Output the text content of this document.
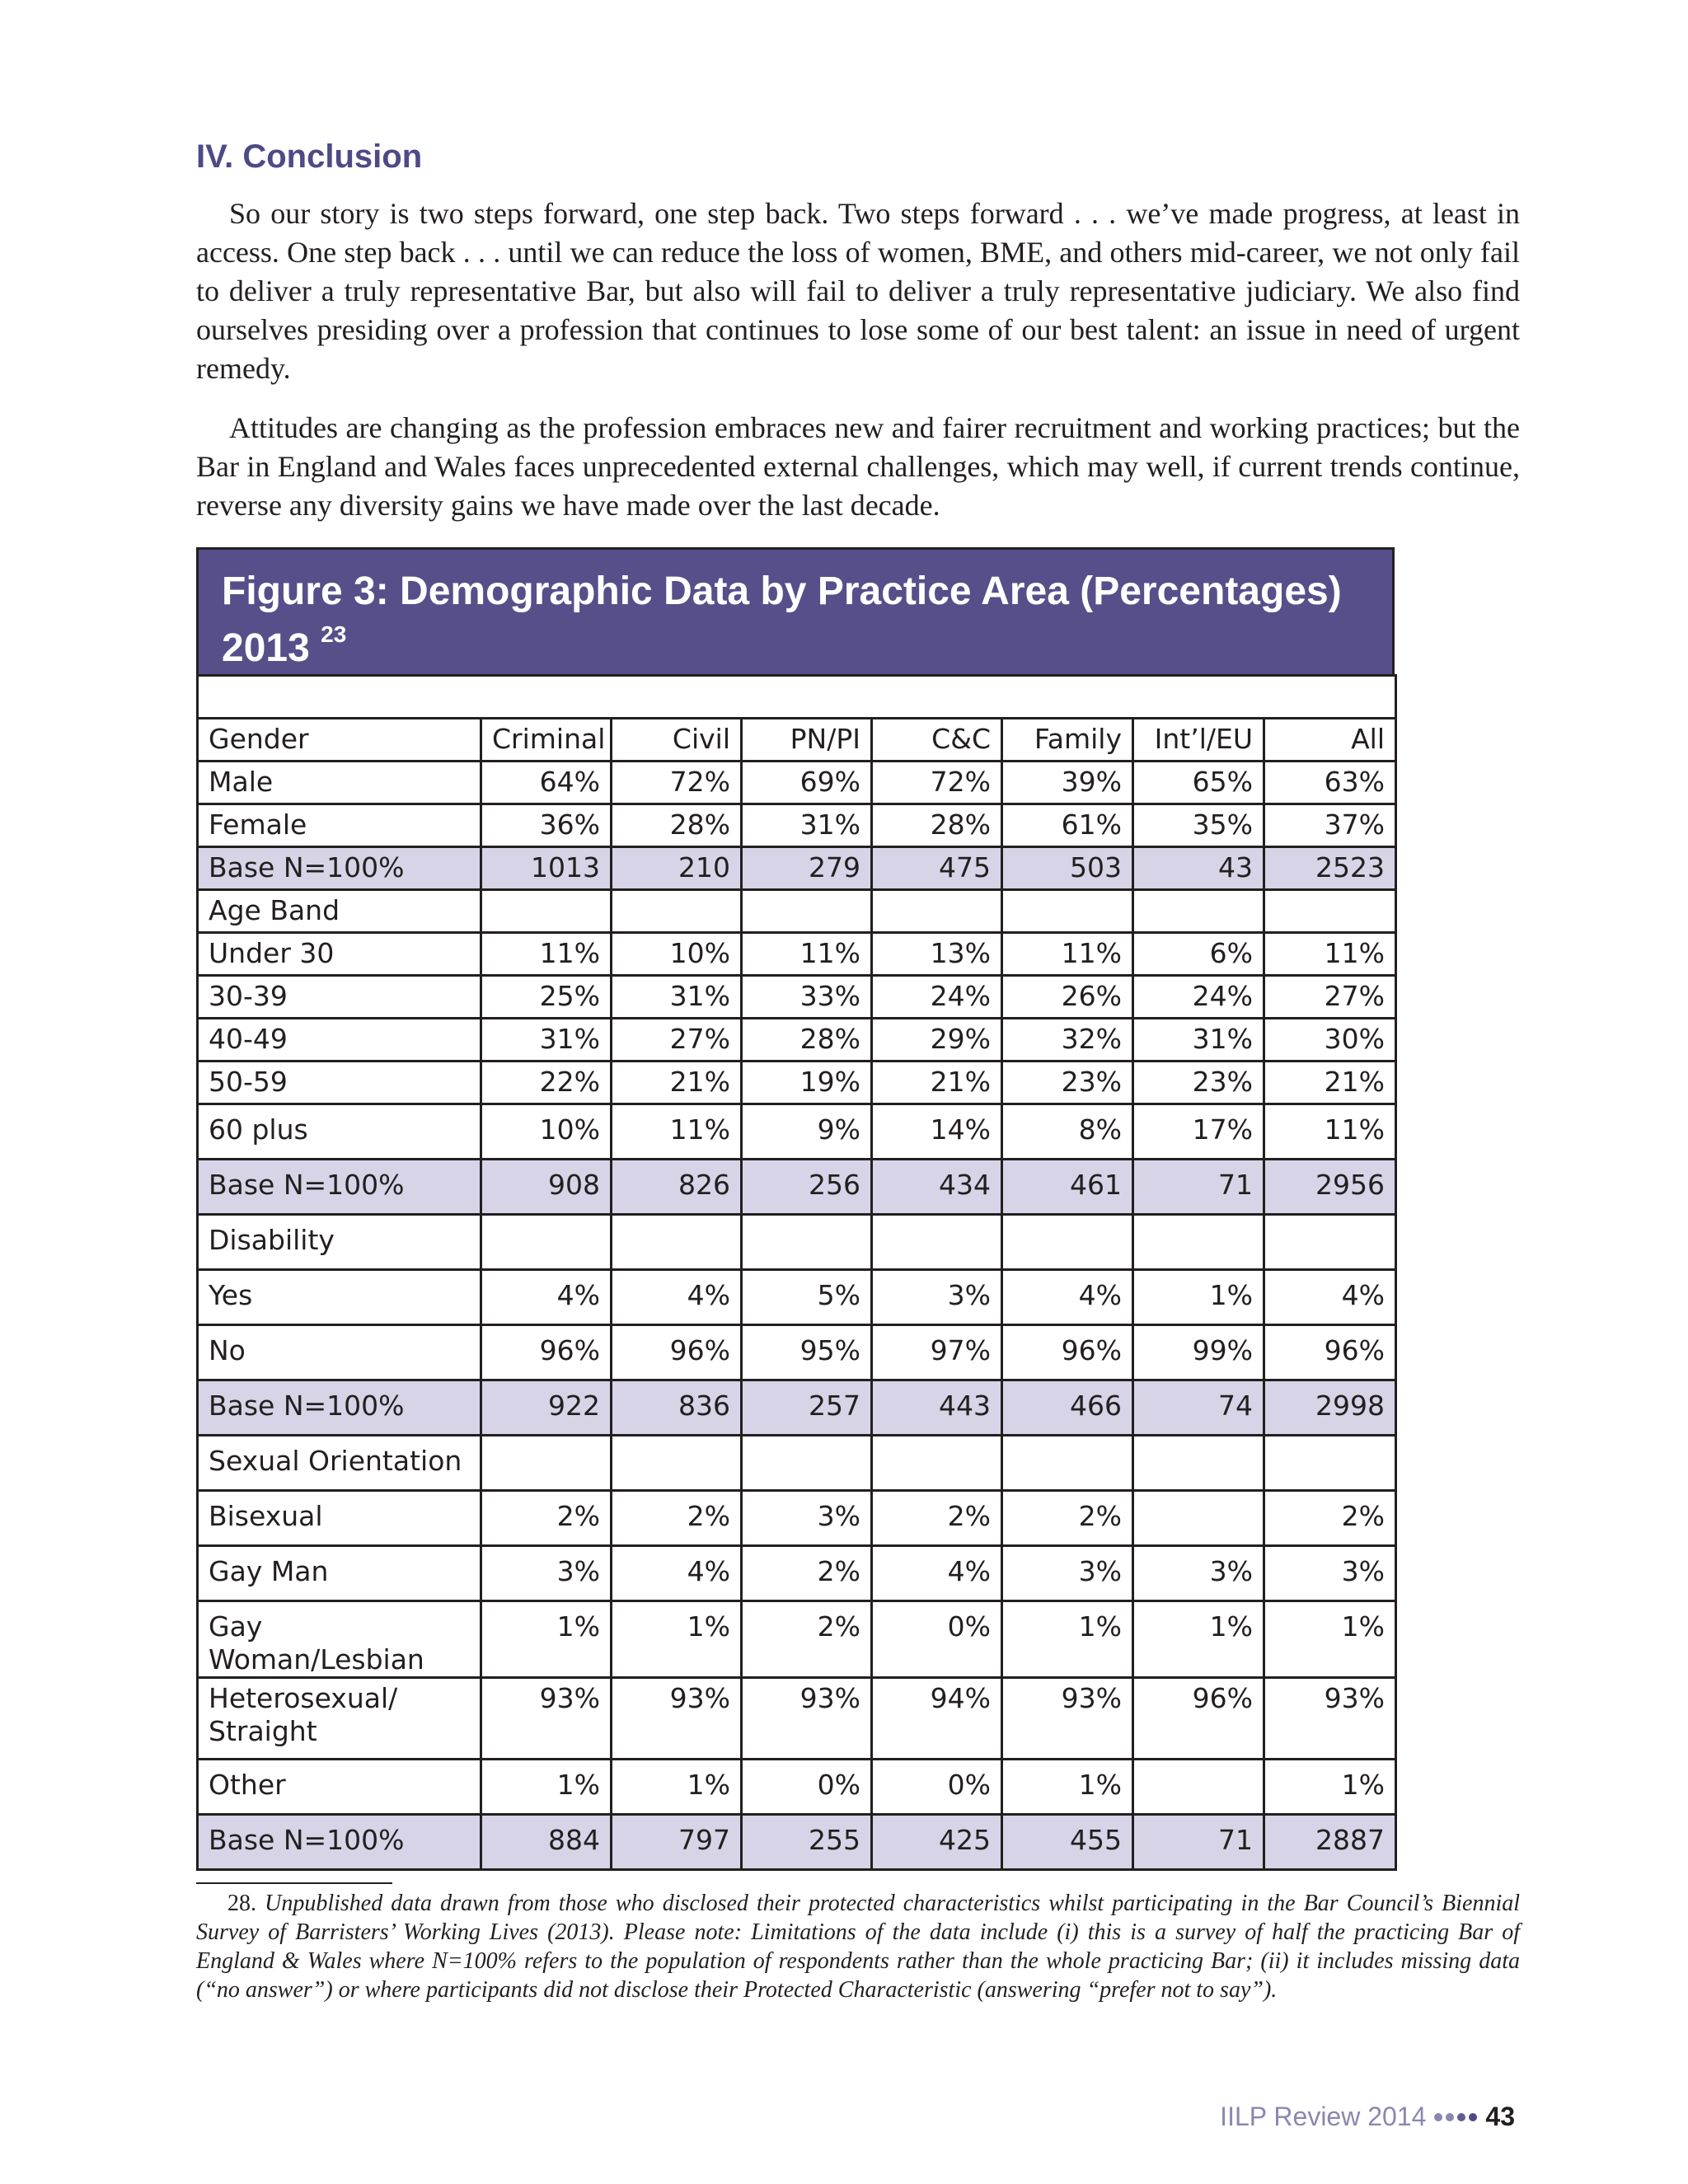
IV. Conclusion

So our story is two steps forward, one step back. Two steps forward . . . we’ve made progress, at least in access. One step back . . . until we can reduce the loss of women, BME, and others mid-career, we not only fail to deliver a truly representative Bar, but also will fail to deliver a truly representative judiciary. We also find ourselves presiding over a profession that continues to lose some of our best talent: an issue in need of urgent remedy.

Attitudes are changing as the profession embraces new and fairer recruitment and working practices; but the Bar in England and Wales faces unprecedented external challenges, which may well, if current trends continue, reverse any diversity gains we have made over the last decade.

Figure 3: Demographic Data by Practice Area (Percentages)
2013 $^{23}$

Gender	Criminal	Civil	PN/PI	C&C	Family	Int’l/EU	All
Male	64%	72%	69%	72%	39%	65%	63%
Female	36%	28%	31%	28%	61%	35%	37%
Base N=100%	1013	210	279	475	503	43	2523
Age Band							
Under 30	11%	10%	11%	13%	11%	6%	11%
30-39	25%	31%	33%	24%	26%	24%	27%
40-49	31%	27%	28%	29%	32%	31%	30%
50-59	22%	21%	19%	21%	23%	23%	21%
60 plus	10%	11%	9%	14%	8%	17%	11%
Base N=100%	908	826	256	434	461	71	2956
Disability							
Yes	4%	4%	5%	3%	4%	1%	4%
No	96%	96%	95%	97%	96%	99%	96%
Base N=100%	922	836	257	443	466	74	2998
Sexual Orientation							
Bisexual	2%	2%	3%	2%	2%		2%
Gay Man	3%	4%	2%	4%	3%	3%	3%
Gay Woman/Lesbian	1%	1%	2%	0%	1%	1%	1%
Heterosexual/ Straight	93%	93%	93%	94%	93%	96%	93%
Other	1%	1%	0%	0%	1%		1%
Base N=100%	884	797	255	425	455	71	2887

28. Unpublished data drawn from those who disclosed their protected characteristics whilst participating in the Bar Council’s Biennial Survey of Barristers’ Working Lives (2013). Please note: Limitations of the data include (i) this is a survey of half the practicing Bar of England & Wales where N=100% refers to the population of respondents rather than the whole practicing Bar; (ii) it includes missing data (“no answer”) or where participants did not disclose their Protected Characteristic (answering “prefer not to say”).

IILP Review 2014 43
